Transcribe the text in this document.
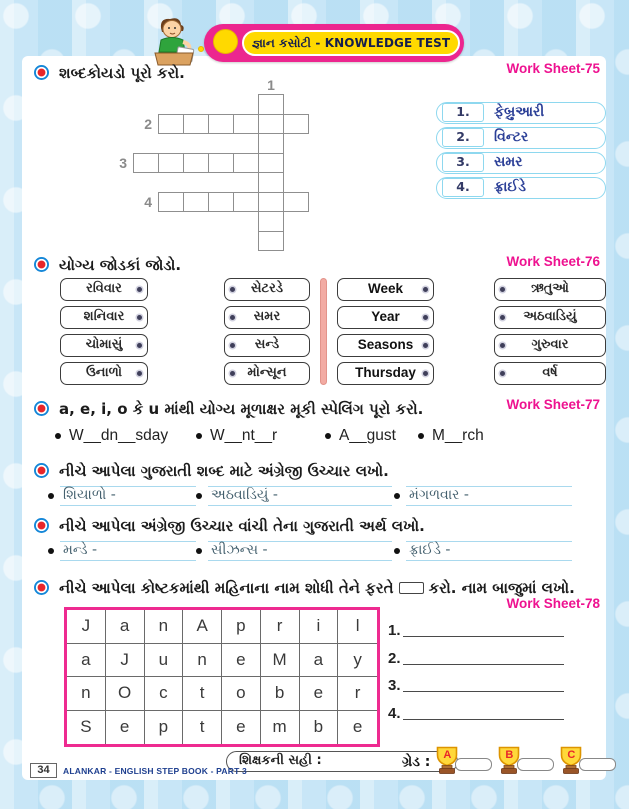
જ્ઞાન કસોટી - KNOWLEDGE TEST
Work Sheet-75
Work Sheet-76
Work Sheet-77
Work Sheet-78
શબ્દકોયડો પૂરો કરો.
1
2
3
4
1.	ફેબ્રુઆરી
2.	વિન્ટર
3.	સમર
4.	ફ્રાઈડે
યોગ્ય જોડકાં જોડો.
રવિવાર
શનિવાર
ચોમાસું
ઉનાળો
સેટરડે
સમર
સન્ડે
મોન્સૂન
Week
Year
Seasons
Thursday
ઋતુઓ
અઠવાડિયું
ગુરુવાર
વર્ષ
a, e, i, o કે u માંથી યોગ્ય મૂળાક્ષર મૂકી સ્પેલિંગ પૂરો કરો.
W__dn__sday	W__nt__r	A__gust M__rch
નીચે આપેલા ગુજરાતી શબ્દ માટે અંગ્રેજી ઉચ્ચાર લખો.
શિયાળો -	અઠવાડિયું -	મંગળવાર -
નીચે આપેલા અંગ્રેજી ઉચ્ચાર વાંચી તેના ગુજરાતી અર્થ લખો.
મન્ડે -	સીઝન્સ -	ફ્રાઈડે -
નીચે આપેલા કોષ્ટકમાંથી મહિનાના નામ શોધી તેને ફરતે કરો. નામ બાજુમાં લખો.
J	a	n	A	p	r	i	l
a	J	u	n	e	M	a	y
n	O	c	t	o	b	e	r
S	e	p	t	e	m	b	e
1.
2.
3.
4.
શિક્ષકની સહી :	ગ્રેડ :	A	B	C
34	ALANKAR - ENGLISH STEP BOOK - PART 3
